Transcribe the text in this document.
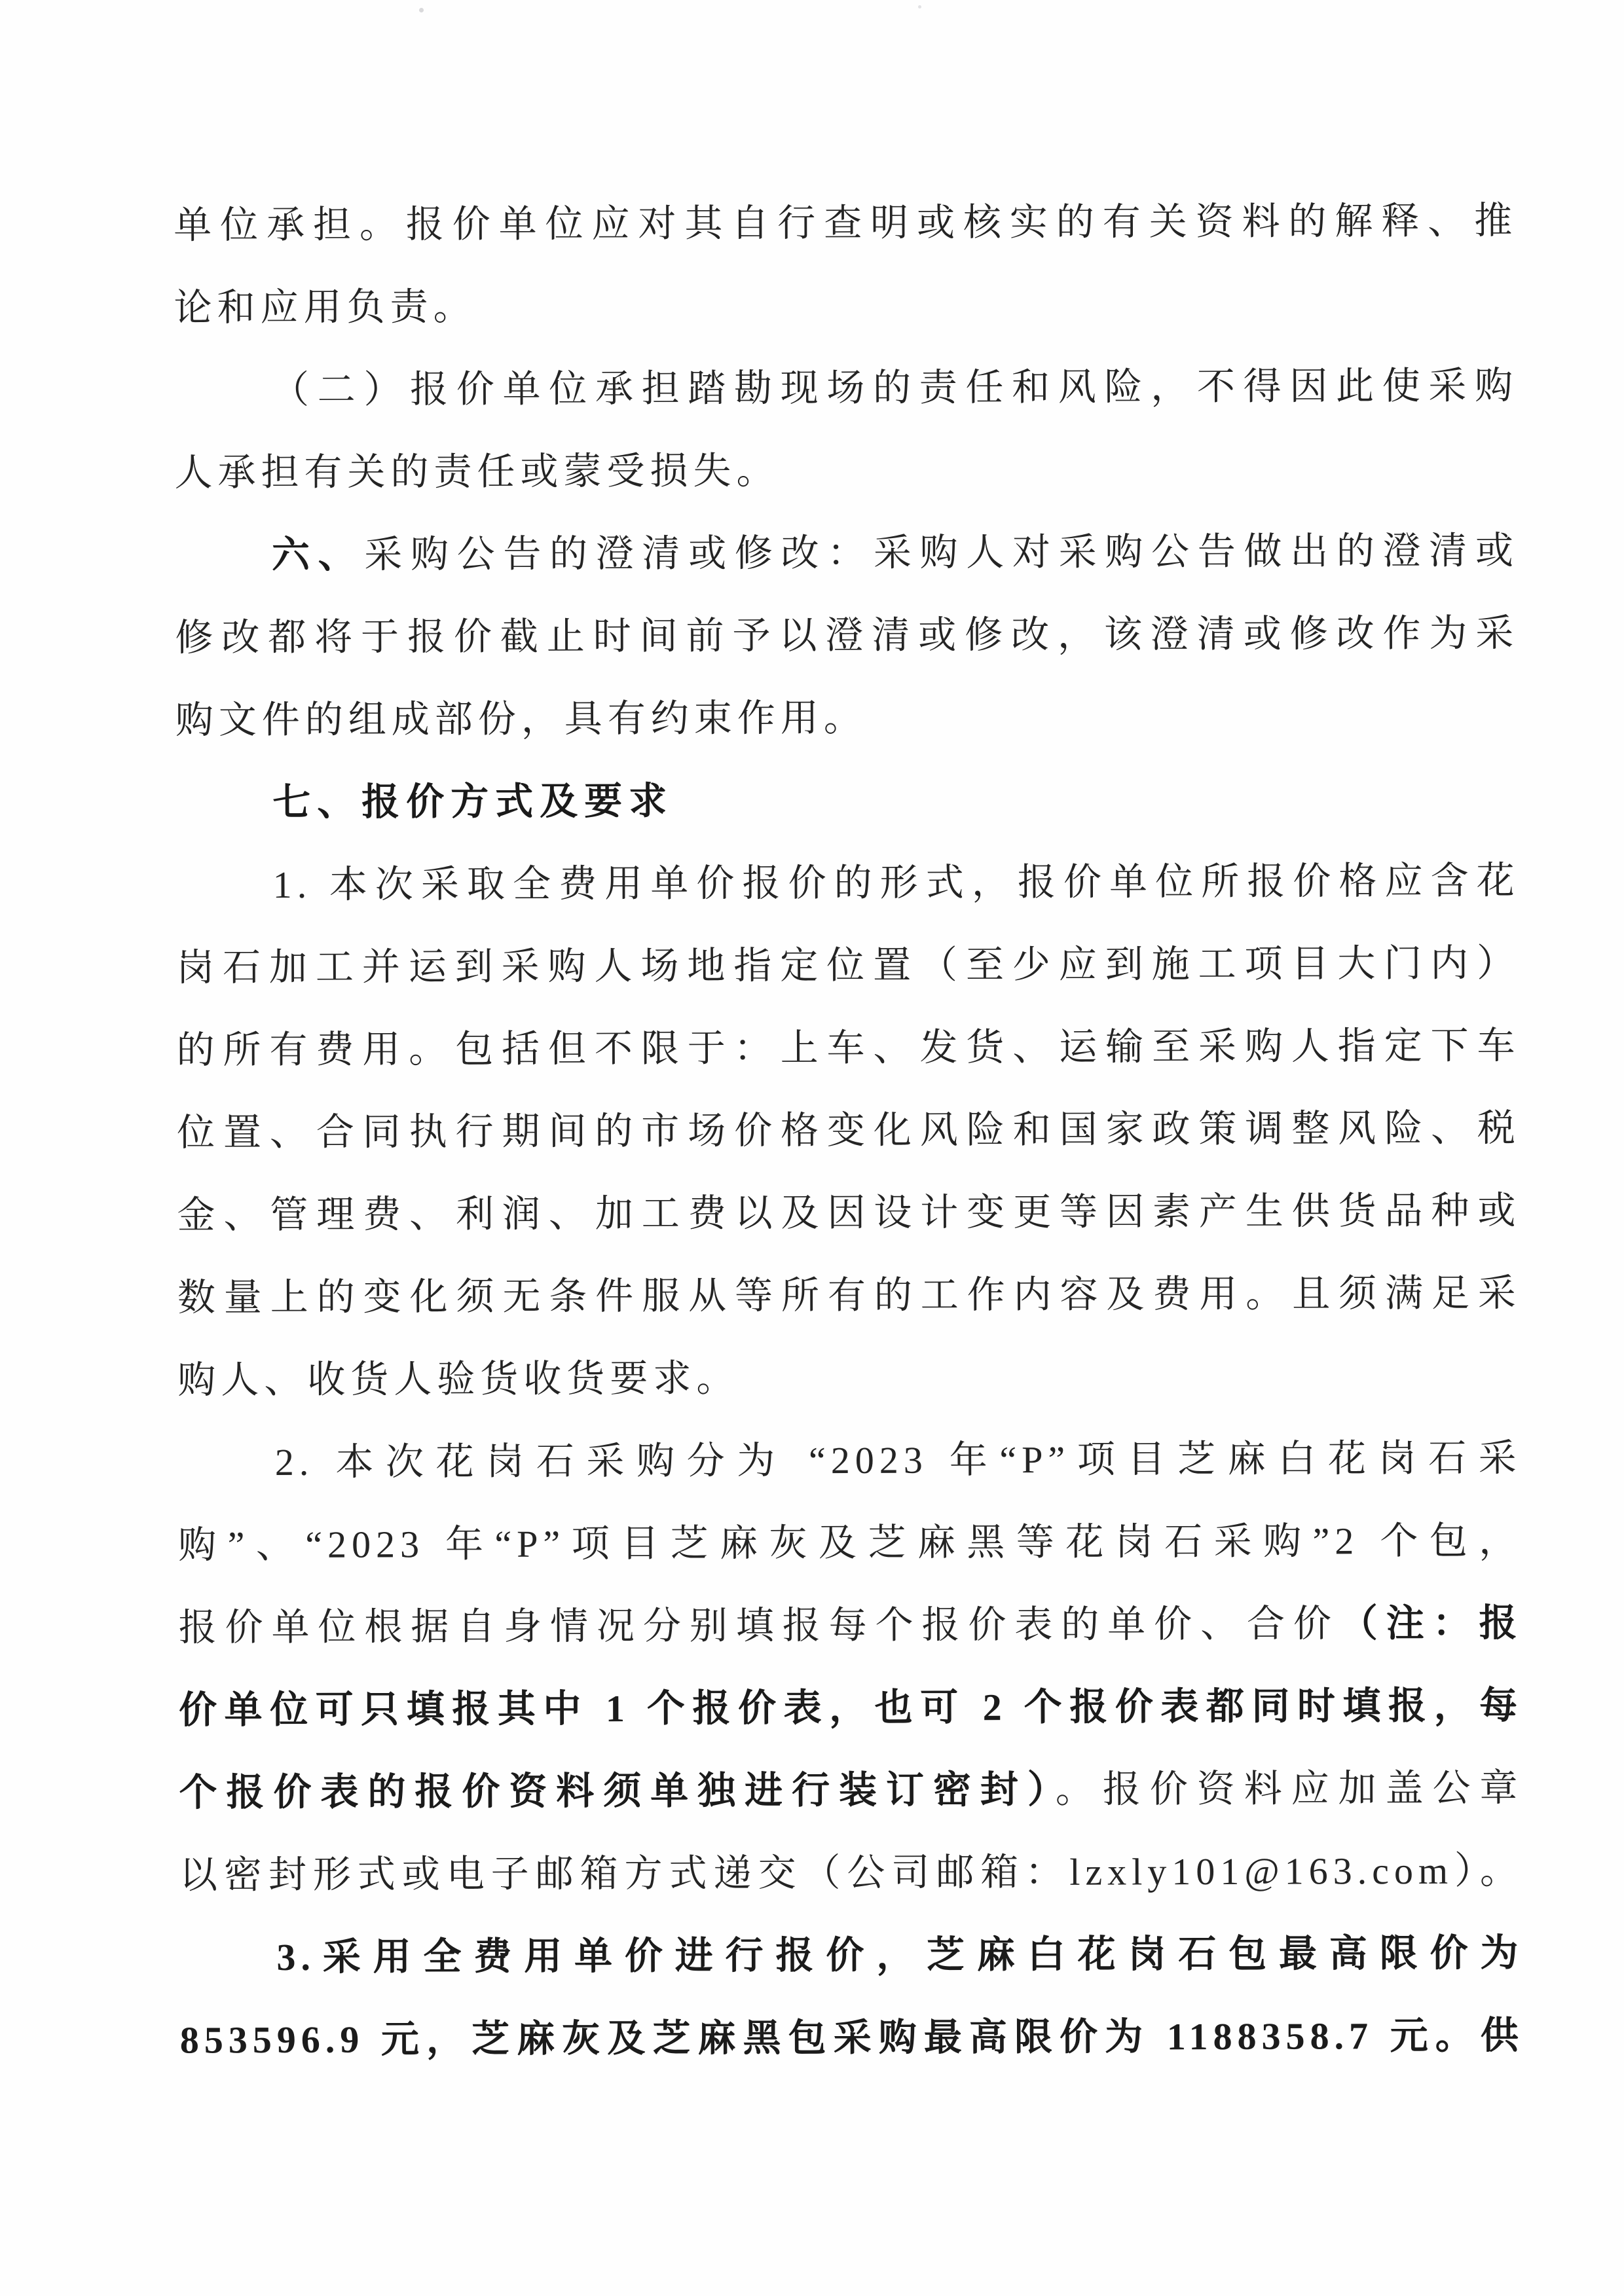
单位承担。报价单位应对其自行查明或核实的有关资料的解释、推
论和应用负责。
（二）报价单位承担踏勘现场的责任和风险，不得因此使采购
人承担有关的责任或蒙受损失。
六、采购公告的澄清或修改：采购人对采购公告做出的澄清或
修改都将于报价截止时间前予以澄清或修改，该澄清或修改作为采
购文件的组成部份，具有约束作用。
七、报价方式及要求
1. 本次采取全费用单价报价的形式，报价单位所报价格应含花
岗石加工并运到采购人场地指定位置（至少应到施工项目大门内）
的所有费用。包括但不限于：上车、发货、运输至采购人指定下车
位置、合同执行期间的市场价格变化风险和国家政策调整风险、税
金、管理费、利润、加工费以及因设计变更等因素产生供货品种或
数量上的变化须无条件服从等所有的工作内容及费用。且须满足采
购人、收货人验货收货要求。
2. 本次花岗石采购分为 “2023 年“P”项目芝麻白花岗石采
购”、“2023 年“P”项目芝麻灰及芝麻黑等花岗石采购”2 个包，
报价单位根据自身情况分别填报每个报价表的单价、合价（注：报
价单位可只填报其中 1 个报价表，也可 2 个报价表都同时填报，每
个报价表的报价资料须单独进行装订密封）。报价资料应加盖公章
以密封形式或电子邮箱方式递交（公司邮箱：lzxly101@163.com）。
3.采用全费用单价进行报价，芝麻白花岗石包最高限价为
853596.9 元，芝麻灰及芝麻黑包采购最高限价为 1188358.7 元。供
